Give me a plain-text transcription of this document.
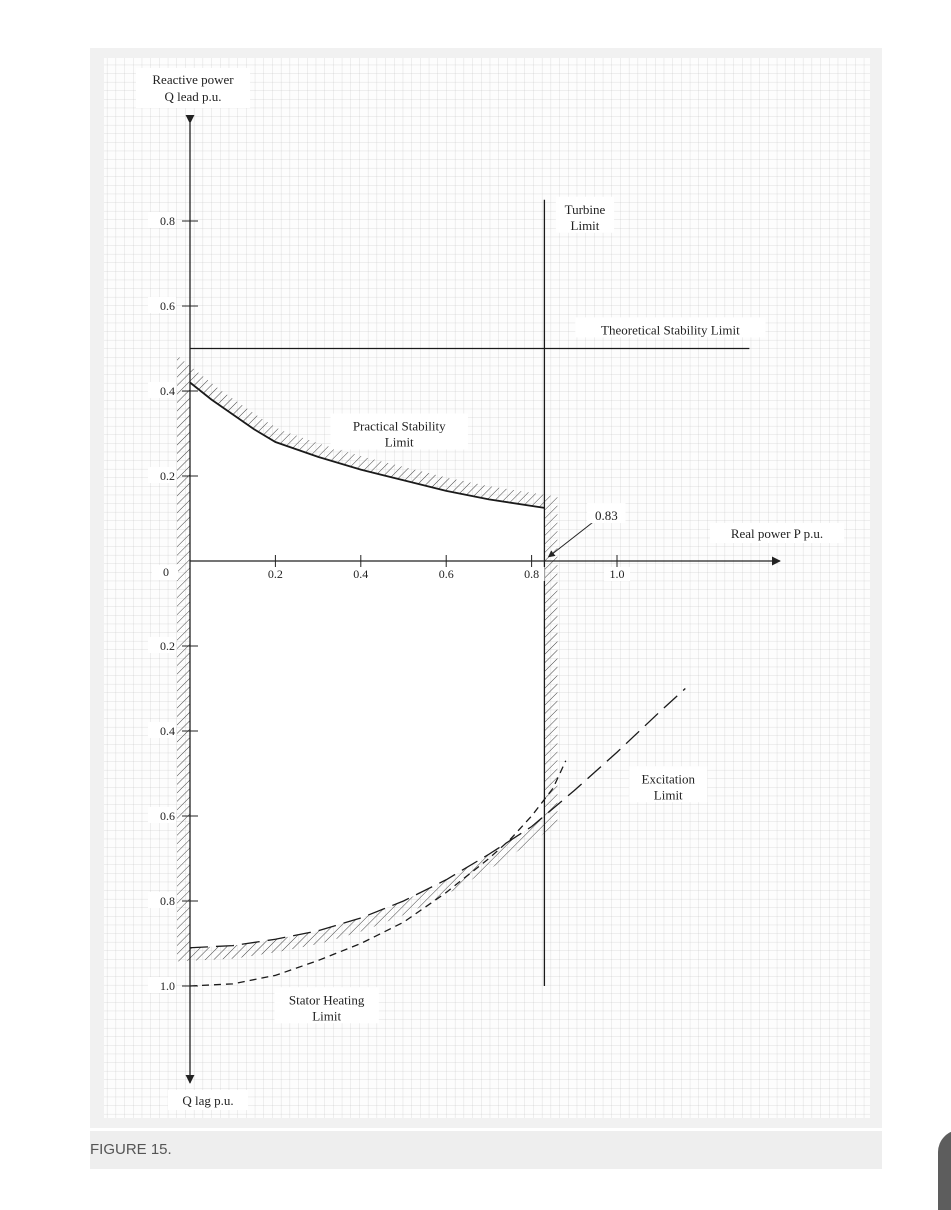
0.2	0.4	0.6	0.8	1.0
0
0.8
0.6
0.4
0.2
0.2
0.4
0.6
0.8
1.0
Practical Stability
Limit
Turbine
Limit
Theoretical Stability Limit
Excitation
Limit
Stator Heating
Limit
0.83
Real power P p.u.
Reactive power
Q lead p.u.
Q lag p.u.
FIGURE 15.
